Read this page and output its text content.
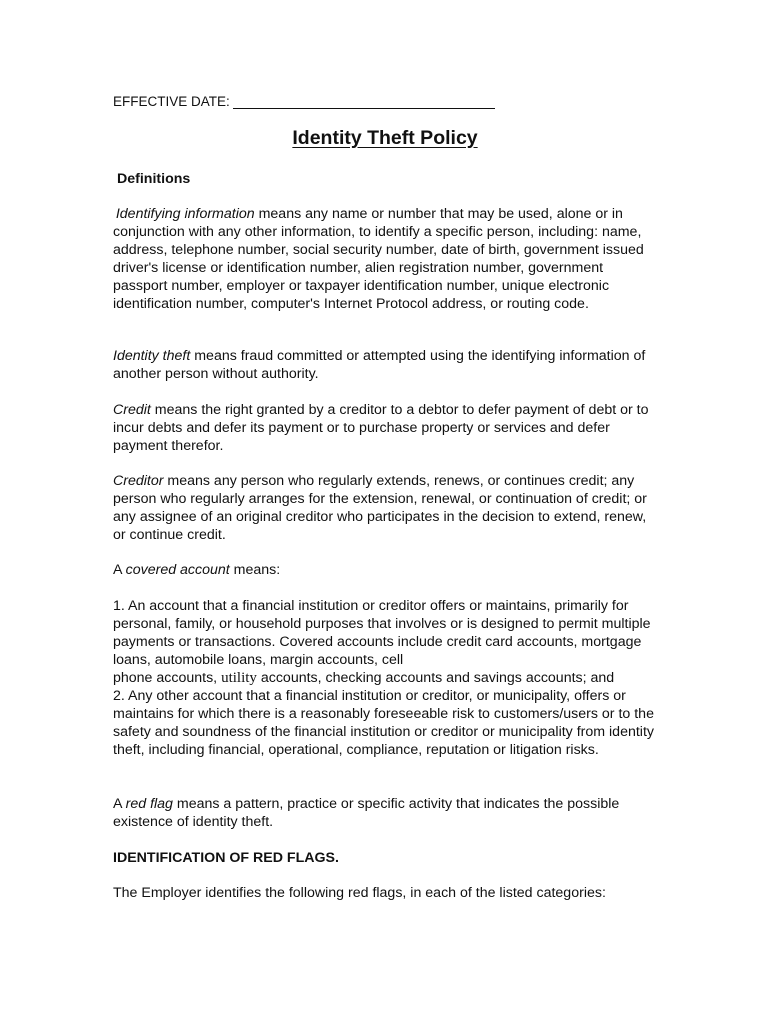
EFFECTIVE DATE:
Identity Theft Policy

Definitions

 Identifying information means any name or number that may be used, alone or in conjunction with any other information, to identify a specific person, including: name, address, telephone number, social security number, date of birth, government issued driver's license or identification number, alien registration number, government passport number, employer or taxpayer identification number, unique electronic identification number, computer's Internet Protocol address, or routing code.

Identity theft means fraud committed or attempted using the identifying information of another person without authority.

Credit means the right granted by a creditor to a debtor to defer payment of debt or to incur debts and defer its payment or to purchase property or services and defer payment therefor.

Creditor means any person who regularly extends, renews, or continues credit; any person who regularly arranges for the extension, renewal, or continuation of credit; or any assignee of an original creditor who participates in the decision to extend, renew, or continue credit.

A covered account means:

1. An account that a financial institution or creditor offers or maintains, primarily for personal, family, or household purposes that involves or is designed to permit multiple payments or transactions. Covered accounts include credit card accounts, mortgage loans, automobile loans, margin accounts, cell

phone accounts, utility accounts, checking accounts and savings accounts; and

2. Any other account that a financial institution or creditor, or municipality, offers or maintains for which there is a reasonably foreseeable risk to customers/users or to the safety and soundness of the financial institution or creditor or municipality from identity theft, including financial, operational, compliance, reputation or litigation risks.

A red flag means a pattern, practice or specific activity that indicates the possible existence of identity theft.

IDENTIFICATION OF RED FLAGS.

The Employer identifies the following red flags, in each of the listed categories:
